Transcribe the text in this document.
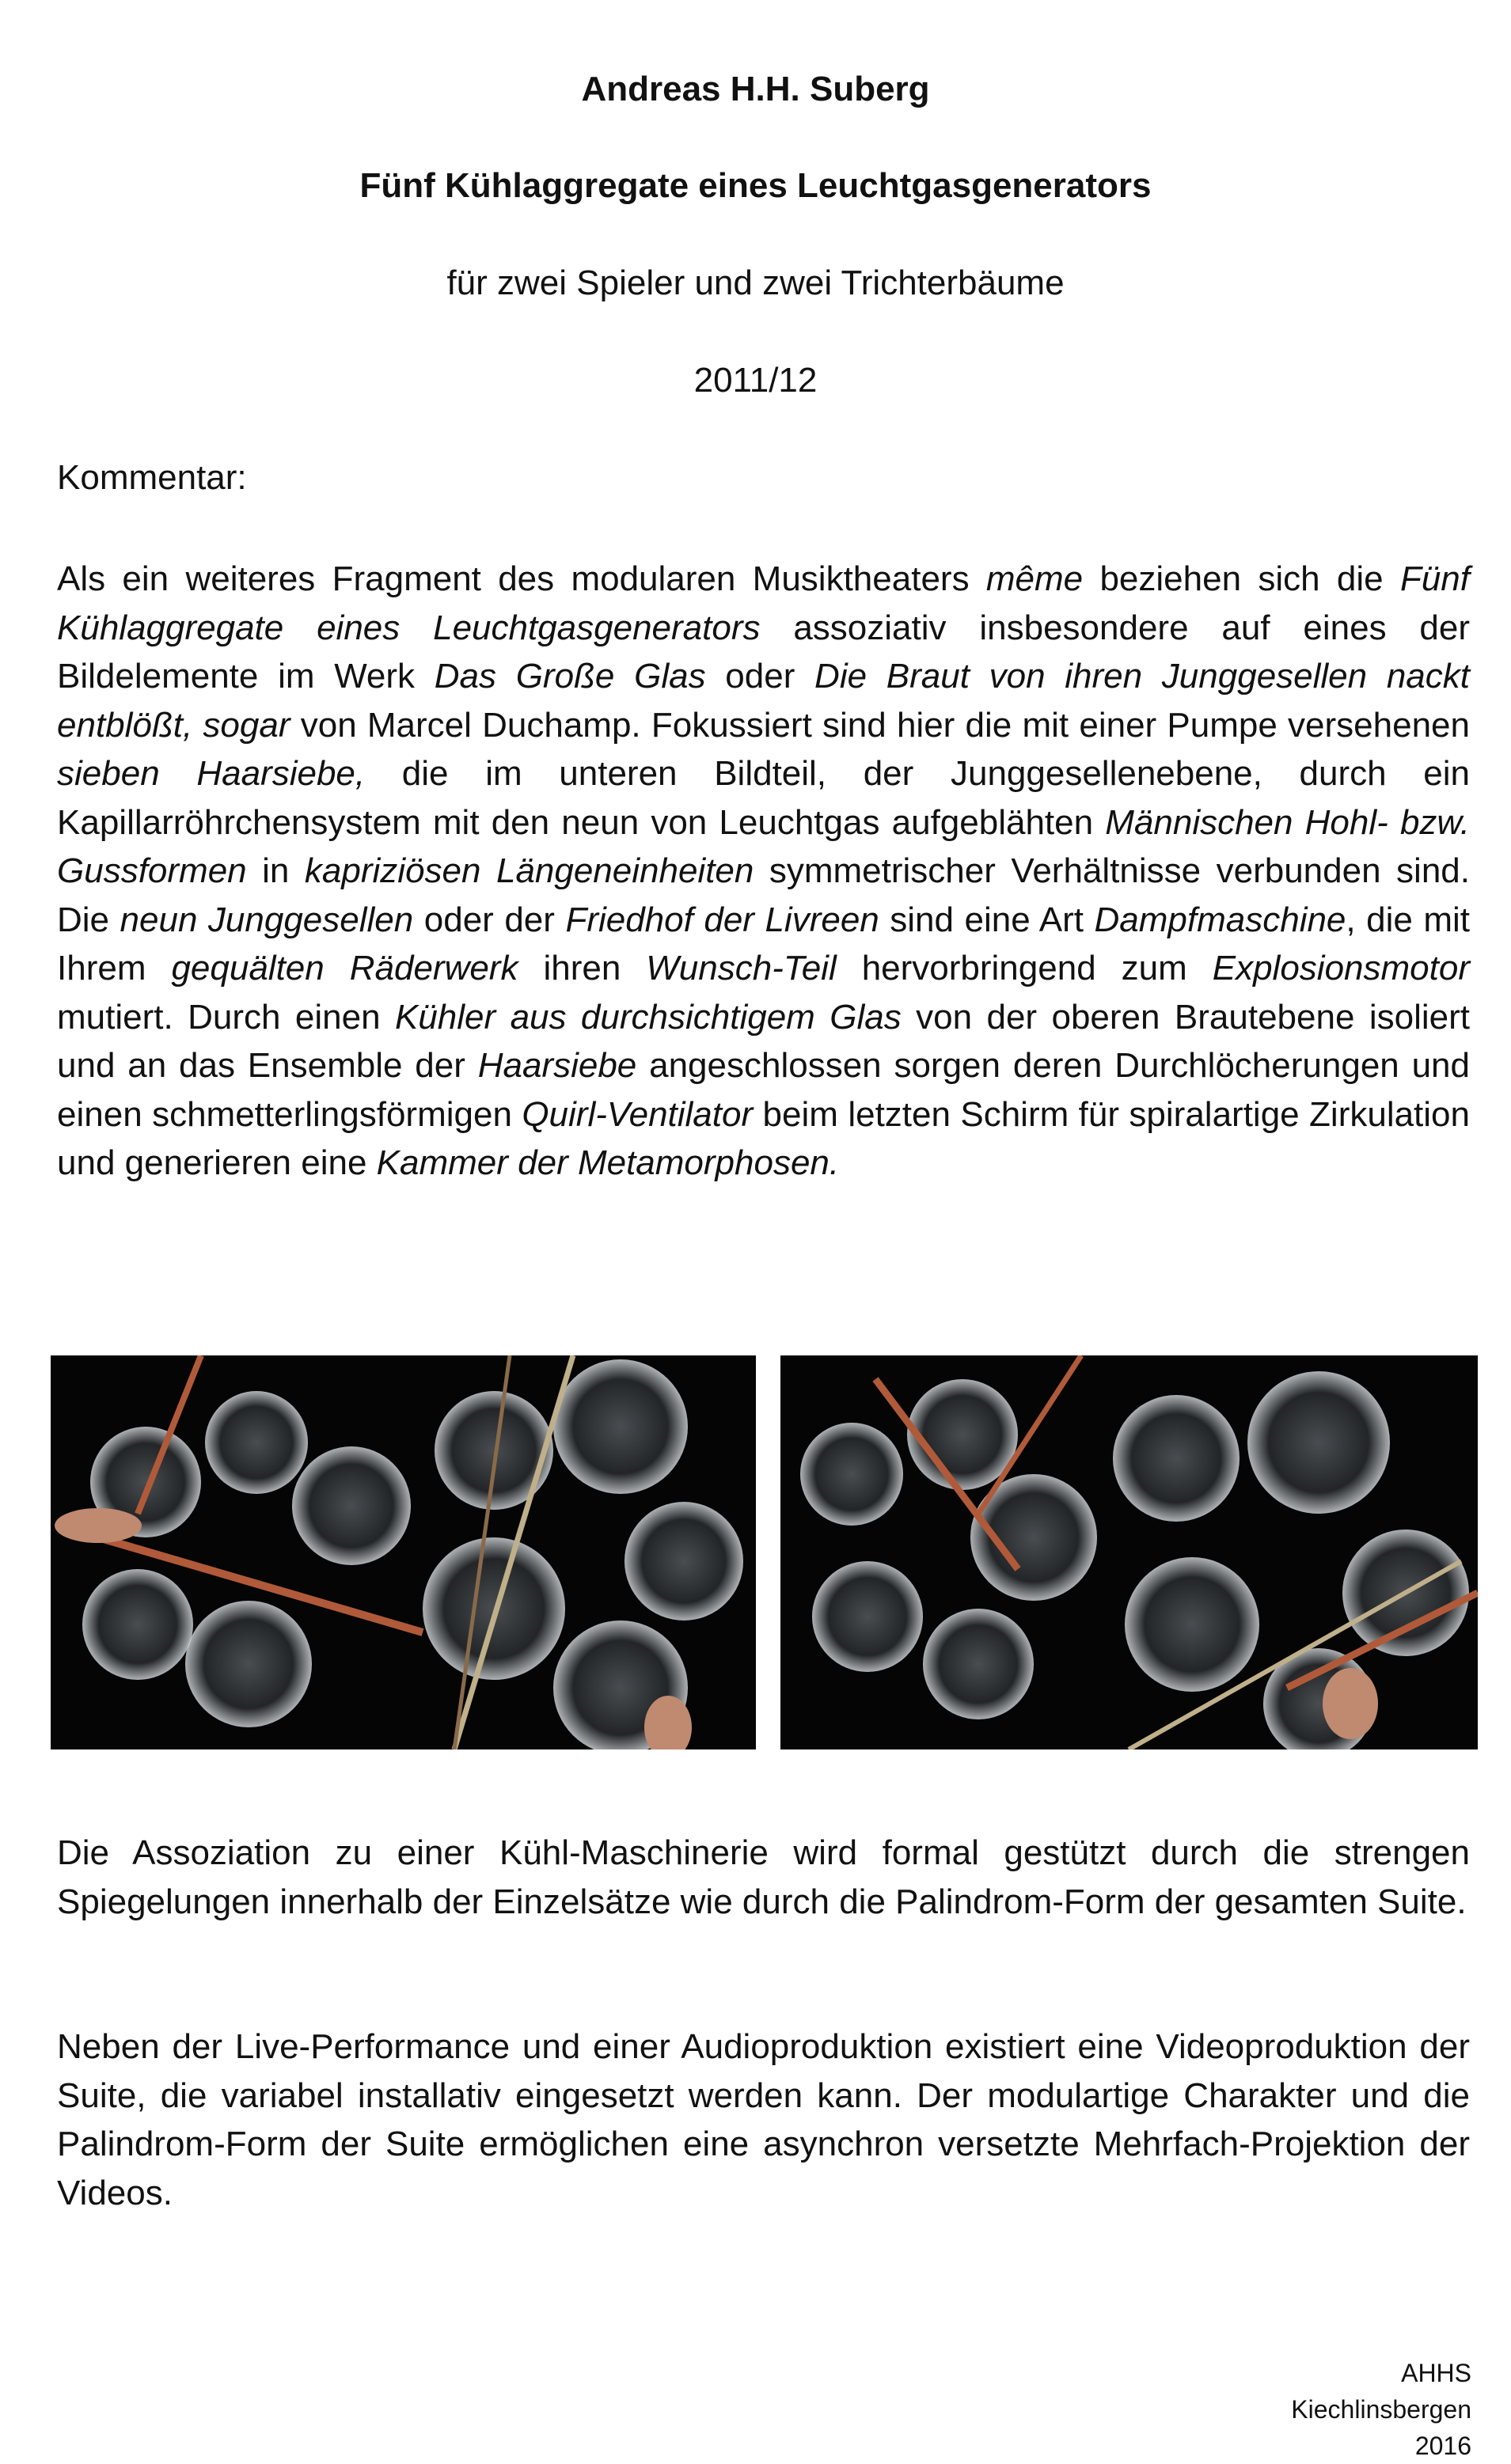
Andreas H.H. Suberg
Fünf Kühlaggregate eines Leuchtgasgenerators
für zwei Spieler und zwei Trichterbäume
2011/12
Kommentar:
Als ein weiteres Fragment des modularen Musiktheaters même beziehen sich die Fünf Kühlaggregate eines Leuchtgasgenerators assoziativ insbesondere auf eines der Bildelemente im Werk Das Große Glas oder Die Braut von ihren Junggesellen nackt entblößt, sogar von Marcel Duchamp. Fokussiert sind hier die mit einer Pumpe versehenen sieben Haarsiebe, die im unteren Bildteil, der Junggesellenebene, durch ein Kapillarröhrchensystem mit den neun von Leuchtgas aufgeblähten Männischen Hohl- bzw. Gussformen in kapriziösen Längeneinheiten symmetrischer Verhältnisse verbunden sind. Die neun Junggesellen oder der Friedhof der Livreen sind eine Art Dampfmaschine, die mit Ihrem gequälten Räderwerk ihren Wunsch-Teil hervorbringend zum Explosionsmotor mutiert. Durch einen Kühler aus durchsichtigem Glas von der oberen Brautebene isoliert und an das Ensemble der Haarsiebe angeschlossen sorgen deren Durchlöcherungen und einen schmetterlingsförmigen Quirl-Ventilator beim letzten Schirm für spiralartige Zirkulation und generieren eine Kammer der Metamorphosen.
Die Assoziation zu einer Kühl-Maschinerie wird formal gestützt durch die strengen Spiegelungen innerhalb der Einzelsätze wie durch die Palindrom-Form der gesamten Suite.
Neben der Live-Performance und einer Audioproduktion existiert eine Videoproduktion der Suite, die variabel installativ eingesetzt werden kann. Der modulartige Charakter und die Palindrom-Form der Suite ermöglichen eine asynchron versetzte Mehrfach-Projektion der Videos.
AHHS
Kiechlinsbergen
2016
